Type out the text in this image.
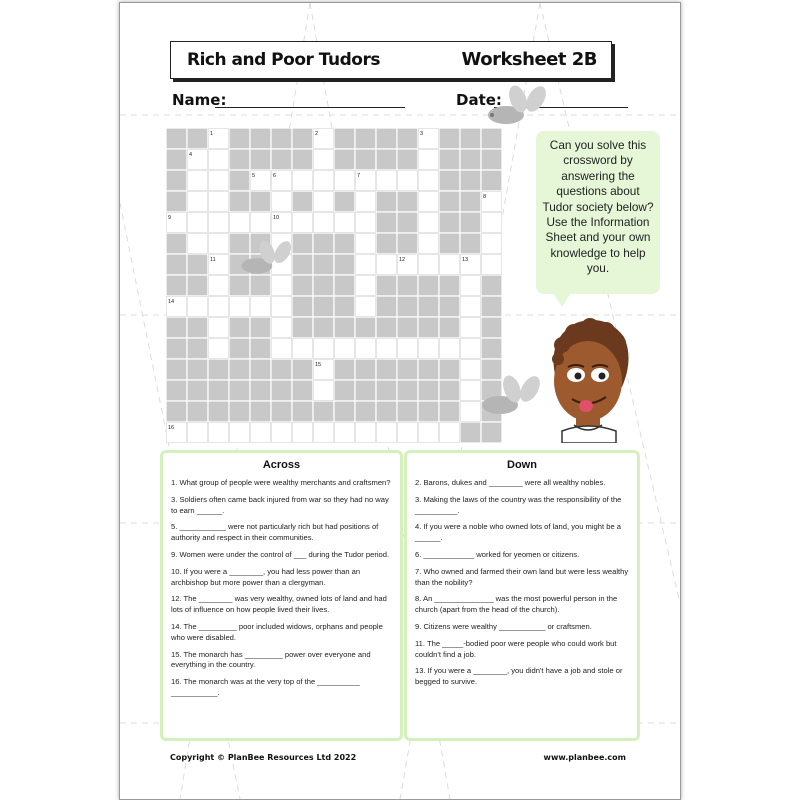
Rich and Poor Tudors	Worksheet 2B
Name:	Date:
1	2	3
4
5	6	7
8
9	10
11	12	13
14
15
16
Can you solve this crossword by answering the questions about Tudor society below? Use the Information Sheet and your own knowledge to help you.
Across
1. What group of people were wealthy merchants and craftsmen?
3. Soldiers often came back injured from war so they had no way to earn ______.
5. ___________ were not particularly rich but had positions of authority and respect in their communities.
9. Women were under the control of ___ during the Tudor period.
10. If you were a ________, you had less power than an archbishop but more power than a clergyman.
12. The ________ was very wealthy, owned lots of land and had lots of influence on how people lived their lives.
14. The _________ poor included widows, orphans and people who were disabled.
15. The monarch has _________ power over everyone and everything in the country.
16. The monarch was at the very top of the __________ ___________.
Down
2. Barons, dukes and ________ were all wealthy nobles.
3. Making the laws of the country was the responsibility of the __________.
4. If you were a noble who owned lots of land, you might be a ______.
6. ____________ worked for yeomen or citizens.
7. Who owned and farmed their own land but were less wealthy than the nobility?
8. An ______________ was the most powerful person in the church (apart from the head of the church).
9. Citizens were wealthy ___________ or craftsmen.
11. The _____-bodied poor were people who could work but couldn't find a job.
13. If you were a ________, you didn't have a job and stole or begged to survive.
Copyright © PlanBee Resources Ltd 2022	www.planbee.com
